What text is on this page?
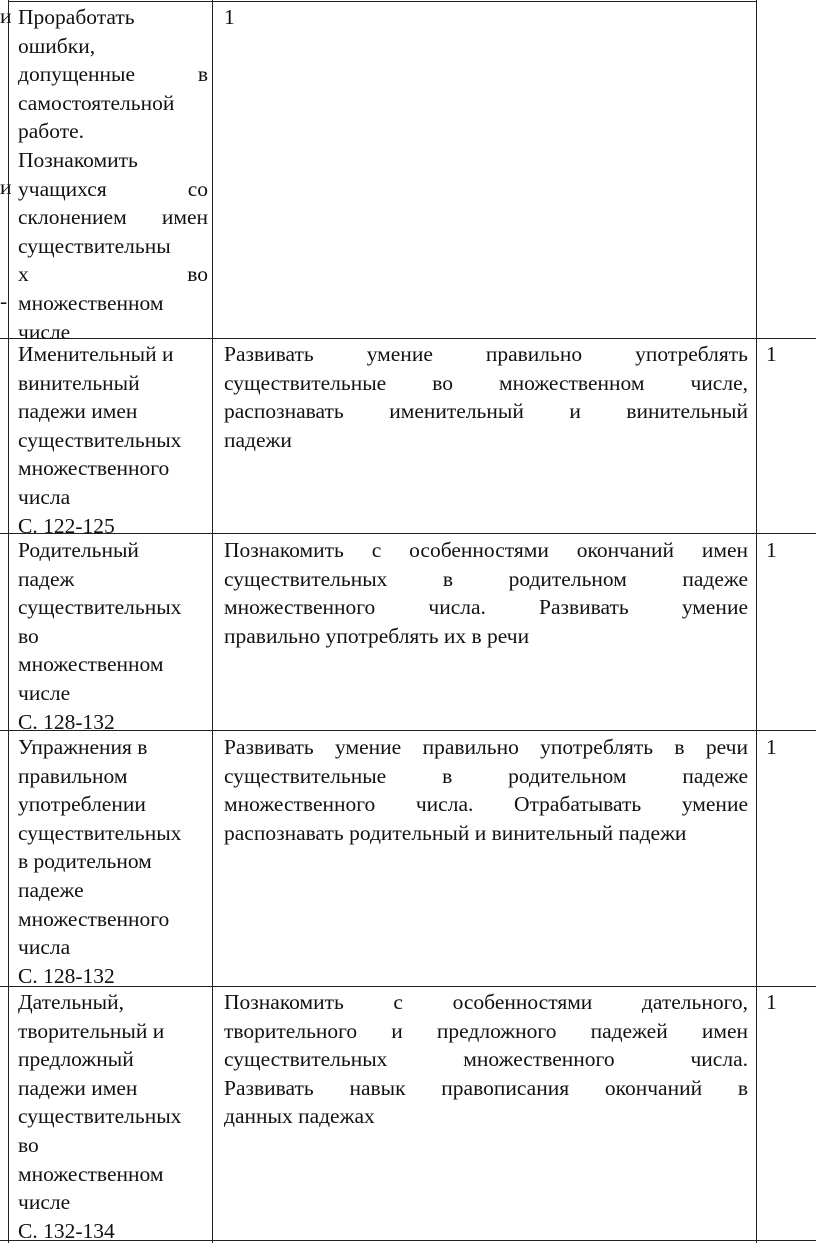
и
и
-
Проработать
ошибки,
допущенные в
самостоятельной
работе.
Познакомить
учащихся со
склонением имен
существительны
х во
множественном
числе
1
Именительный и
винительный
падежи имен
существительных
множественного
числа
С. 122-125
Развивать умение правильно употреблять
существительные во множественном числе,
распознавать именительный и винительный
падежи
1
Родительный
падеж
существительных
во
множественном
числе
С. 128-132
Познакомить с особенностями окончаний имен
существительных в родительном падеже
множественного числа. Развивать умение
правильно употреблять их в речи
1
Упражнения в
правильном
употреблении
существительных
в родительном
падеже
множественного
числа
С. 128-132
Развивать умение правильно употреблять в речи
существительные в родительном падеже
множественного числа. Отрабатывать умение
распознавать родительный и винительный падежи
1
Дательный,
творительный и
предложный
падежи имен
существительных
во
множественном
числе
С. 132-134
Познакомить с особенностями дательного,
творительного и предложного падежей имен
существительных множественного числа.
Развивать навык правописания окончаний в
данных падежах
1
